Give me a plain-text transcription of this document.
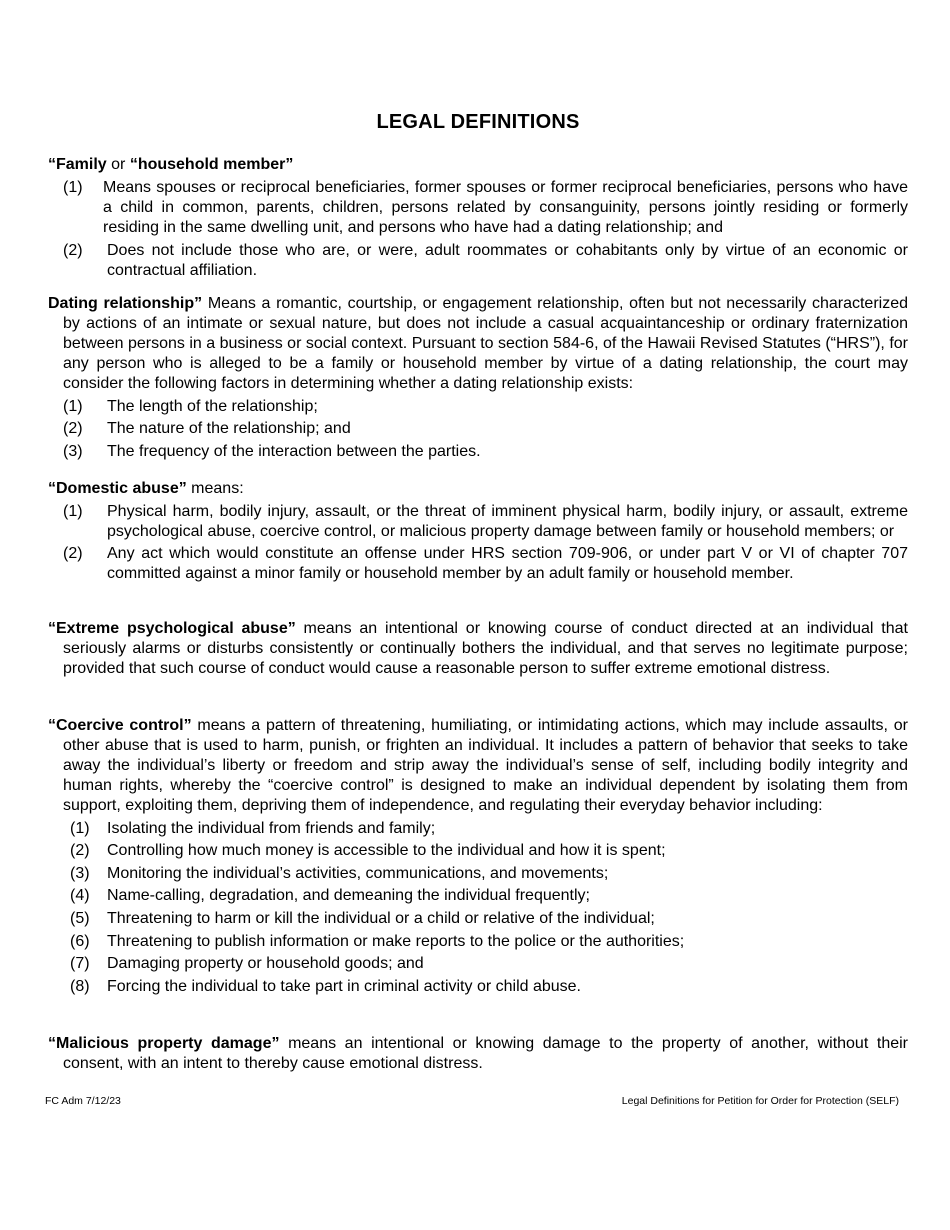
LEGAL DEFINITIONS
“Family or “household member”
(1) Means spouses or reciprocal beneficiaries, former spouses or former reciprocal beneficiaries, persons who have a child in common, parents, children, persons related by consanguinity, persons jointly residing or formerly residing in the same dwelling unit, and persons who have had a dating relationship; and
(2) Does not include those who are, or were, adult roommates or cohabitants only by virtue of an economic or contractual affiliation.
Dating relationship” Means a romantic, courtship, or engagement relationship, often but not necessarily characterized by actions of an intimate or sexual nature, but does not include a casual acquaintanceship or ordinary fraternization between persons in a business or social context. Pursuant to section 584-6, of the Hawaii Revised Statutes (“HRS”), for any person who is alleged to be a family or household member by virtue of a dating relationship, the court may consider the following factors in determining whether a dating relationship exists:
(1) The length of the relationship;
(2) The nature of the relationship; and
(3) The frequency of the interaction between the parties.
“Domestic abuse” means:
(1) Physical harm, bodily injury, assault, or the threat of imminent physical harm, bodily injury, or assault, extreme psychological abuse, coercive control, or malicious property damage between family or household members; or
(2) Any act which would constitute an offense under HRS section 709-906, or under part V or VI of chapter 707 committed against a minor family or household member by an adult family or household member.
“Extreme psychological abuse” means an intentional or knowing course of conduct directed at an individual that seriously alarms or disturbs consistently or continually bothers the individual, and that serves no legitimate purpose; provided that such course of conduct would cause a reasonable person to suffer extreme emotional distress.
“Coercive control” means a pattern of threatening, humiliating, or intimidating actions, which may include assaults, or other abuse that is used to harm, punish, or frighten an individual. It includes a pattern of behavior that seeks to take away the individual’s liberty or freedom and strip away the individual’s sense of self, including bodily integrity and human rights, whereby the “coercive control” is designed to make an individual dependent by isolating them from support, exploiting them, depriving them of independence, and regulating their everyday behavior including:
(1) Isolating the individual from friends and family;
(2) Controlling how much money is accessible to the individual and how it is spent;
(3) Monitoring the individual’s activities, communications, and movements;
(4) Name-calling, degradation, and demeaning the individual frequently;
(5) Threatening to harm or kill the individual or a child or relative of the individual;
(6) Threatening to publish information or make reports to the police or the authorities;
(7) Damaging property or household goods; and
(8) Forcing the individual to take part in criminal activity or child abuse.
“Malicious property damage” means an intentional or knowing damage to the property of another, without their consent, with an intent to thereby cause emotional distress.
FC Adm 7/12/23	Legal Definitions for Petition for Order for Protection (SELF)
